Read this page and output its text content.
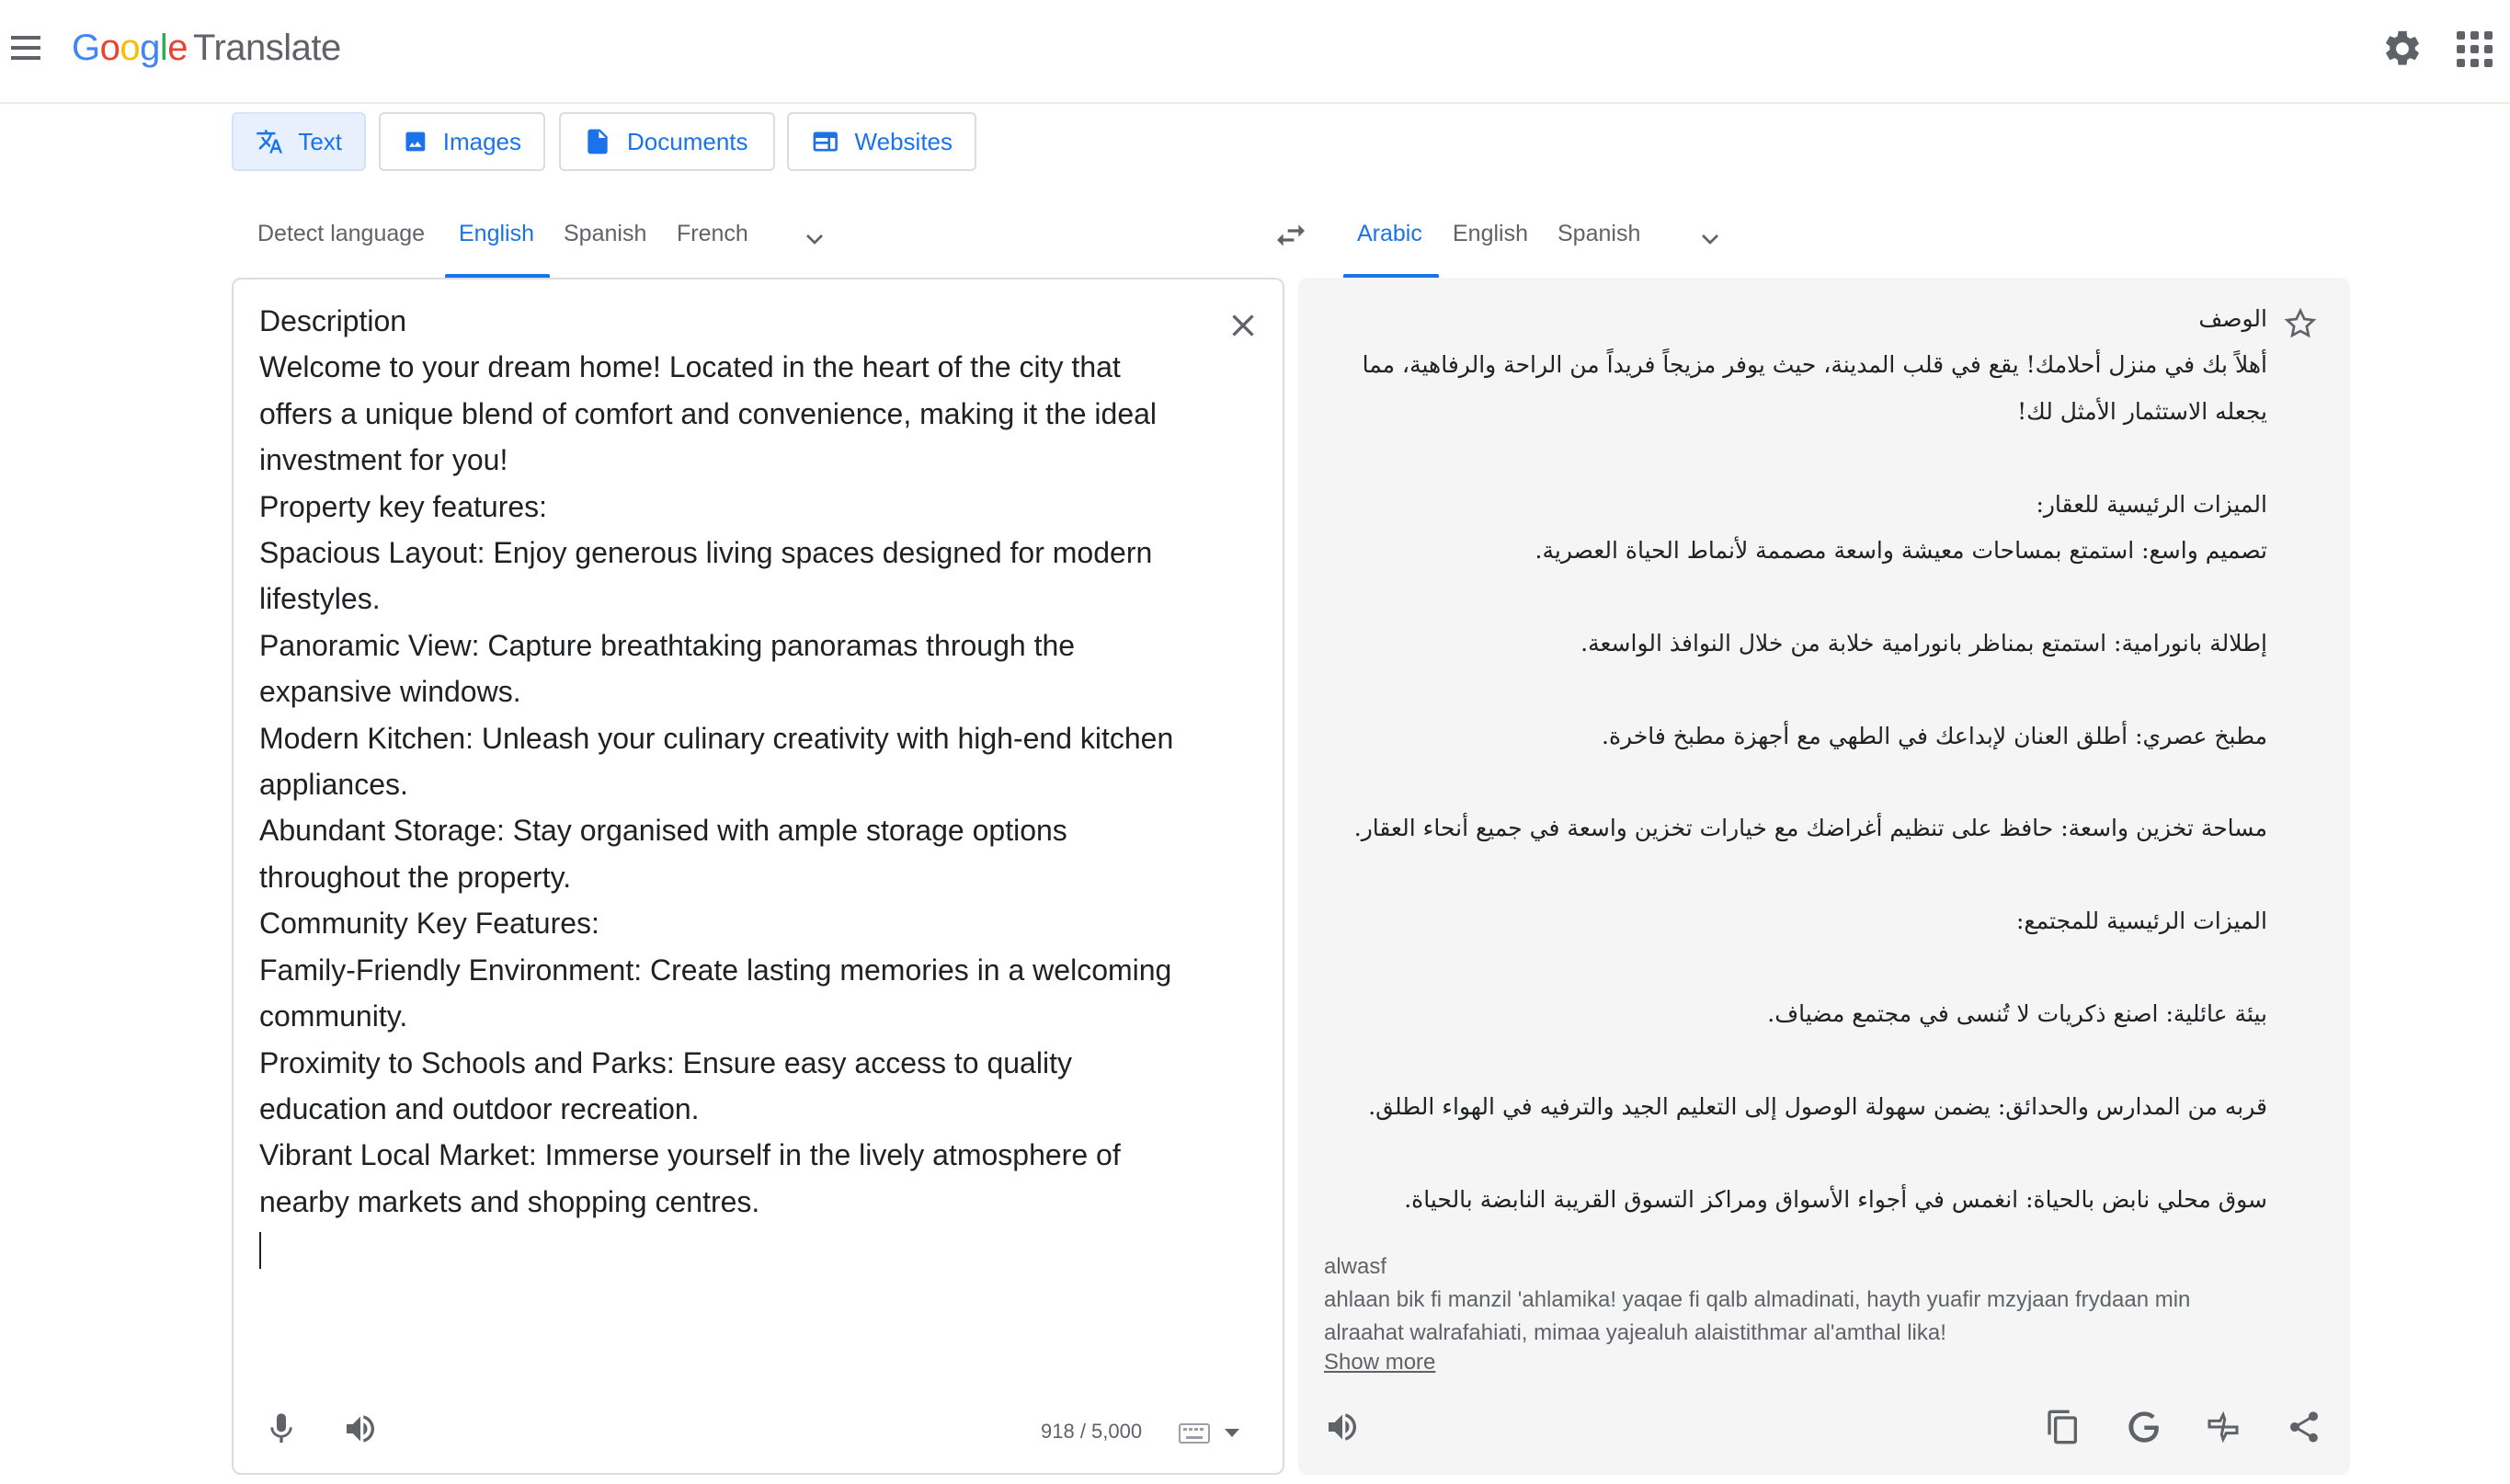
Google Translate
Text	Images	Documents	Websites
Detect language English Spanish French	Arabic English Spanish
Description
Welcome to your dream home! Located in the heart of the city that
offers a unique blend of comfort and convenience, making it the ideal
investment for you!
Property key features:
Spacious Layout: Enjoy generous living spaces designed for modern
lifestyles.
Panoramic View: Capture breathtaking panoramas through the
expansive windows.
Modern Kitchen: Unleash your culinary creativity with high-end kitchen
appliances.
Abundant Storage: Stay organised with ample storage options
throughout the property.
Community Key Features:
Family-Friendly Environment: Create lasting memories in a welcoming
community.
Proximity to Schools and Parks: Ensure easy access to quality
education and outdoor recreation.
Vibrant Local Market: Immerse yourself in the lively atmosphere of
nearby markets and shopping centres.
918 / 5,000
الوصف
أهلاً بك في منزل أحلامك! يقع في قلب المدينة، حيث يوفر مزيجاً فريداً من الراحة والرفاهية، مما
يجعله الاستثمار الأمثل لك!
الميزات الرئيسية للعقار:
تصميم واسع: استمتع بمساحات معيشة واسعة مصممة لأنماط الحياة العصرية.
إطلالة بانورامية: استمتع بمناظر بانورامية خلابة من خلال النوافذ الواسعة.
مطبخ عصري: أطلق العنان لإبداعك في الطهي مع أجهزة مطبخ فاخرة.
مساحة تخزين واسعة: حافظ على تنظيم أغراضك مع خيارات تخزين واسعة في جميع أنحاء العقار.
الميزات الرئيسية للمجتمع:
بيئة عائلية: اصنع ذكريات لا تُنسى في مجتمع مضياف.
قربه من المدارس والحدائق: يضمن سهولة الوصول إلى التعليم الجيد والترفيه في الهواء الطلق.
سوق محلي نابض بالحياة: انغمس في أجواء الأسواق ومراكز التسوق القريبة النابضة بالحياة.
alwasf
ahlaan bik fi manzil 'ahlamika! yaqae fi qalb almadinati, hayth yuafir mzyjaan frydaan min
alraahat walrafahiati, mimaa yajealuh alaistithmar al'amthal lika!
Show more
